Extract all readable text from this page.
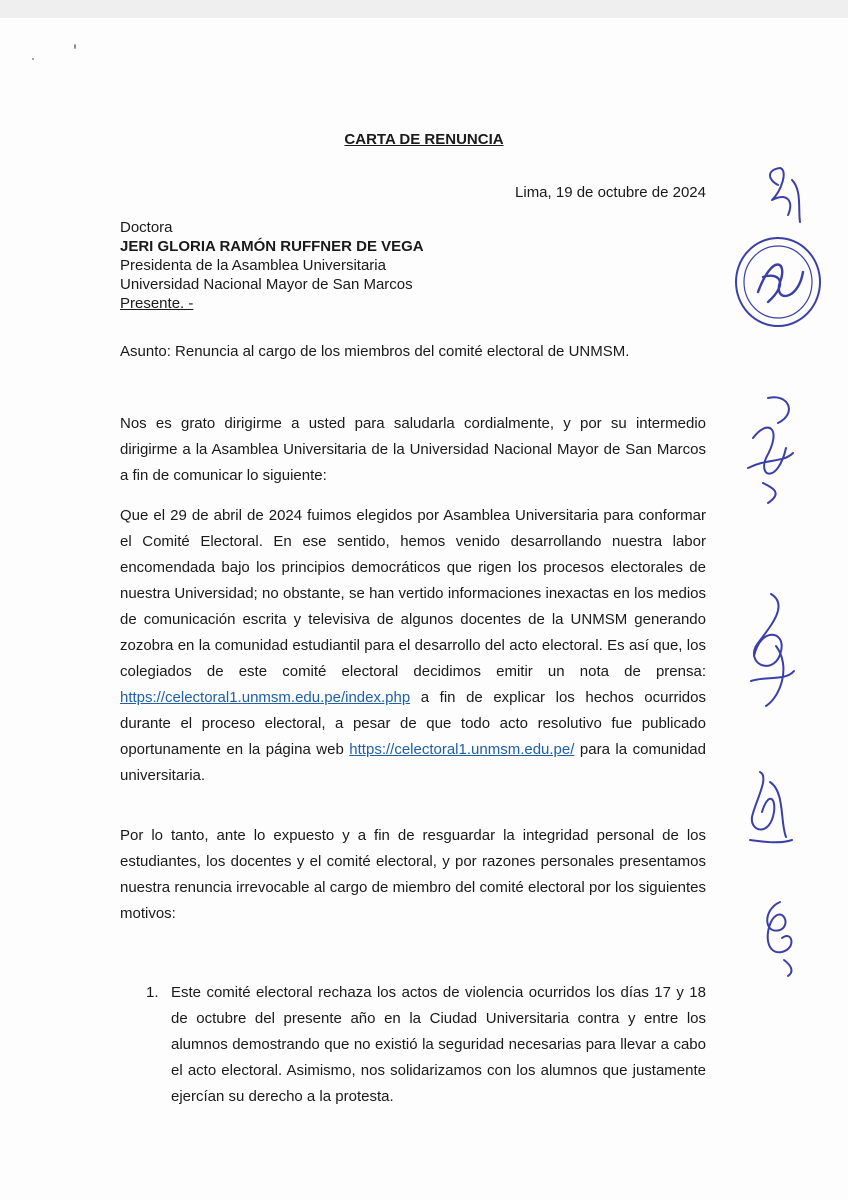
CARTA DE RENUNCIA
Lima, 19 de octubre de 2024
Doctora
JERI GLORIA RAMÓN RUFFNER DE VEGA
Presidenta de la Asamblea Universitaria
Universidad Nacional Mayor de San Marcos
Presente. -
Asunto: Renuncia al cargo de los miembros del comité electoral de UNMSM.
Nos es grato dirigirme a usted para saludarla cordialmente, y por su intermedio dirigirme a la Asamblea Universitaria de la Universidad Nacional Mayor de San Marcos a fin de comunicar lo siguiente:
Que el 29 de abril de 2024 fuimos elegidos por Asamblea Universitaria para conformar el Comité Electoral. En ese sentido, hemos venido desarrollando nuestra labor encomendada bajo los principios democráticos que rigen los procesos electorales de nuestra Universidad; no obstante, se han vertido informaciones inexactas en los medios de comunicación escrita y televisiva de algunos docentes de la UNMSM generando zozobra en la comunidad estudiantil para el desarrollo del acto electoral. Es así que, los colegiados de este comité electoral decidimos emitir un nota de prensa: https://celectoral1.unmsm.edu.pe/index.php a fin de explicar los hechos ocurridos durante el proceso electoral, a pesar de que todo acto resolutivo fue publicado oportunamente en la página web https://celectoral1.unmsm.edu.pe/ para la comunidad universitaria.
Por lo tanto, ante lo expuesto y a fin de resguardar la integridad personal de los estudiantes, los docentes y el comité electoral, y por razones personales presentamos nuestra renuncia irrevocable al cargo de miembro del comité electoral por los siguientes motivos:
1. Este comité electoral rechaza los actos de violencia ocurridos los días 17 y 18 de octubre del presente año en la Ciudad Universitaria contra y entre los alumnos demostrando que no existió la seguridad necesarias para llevar a cabo el acto electoral. Asimismo, nos solidarizamos con los alumnos que justamente ejercían su derecho a la protesta.
